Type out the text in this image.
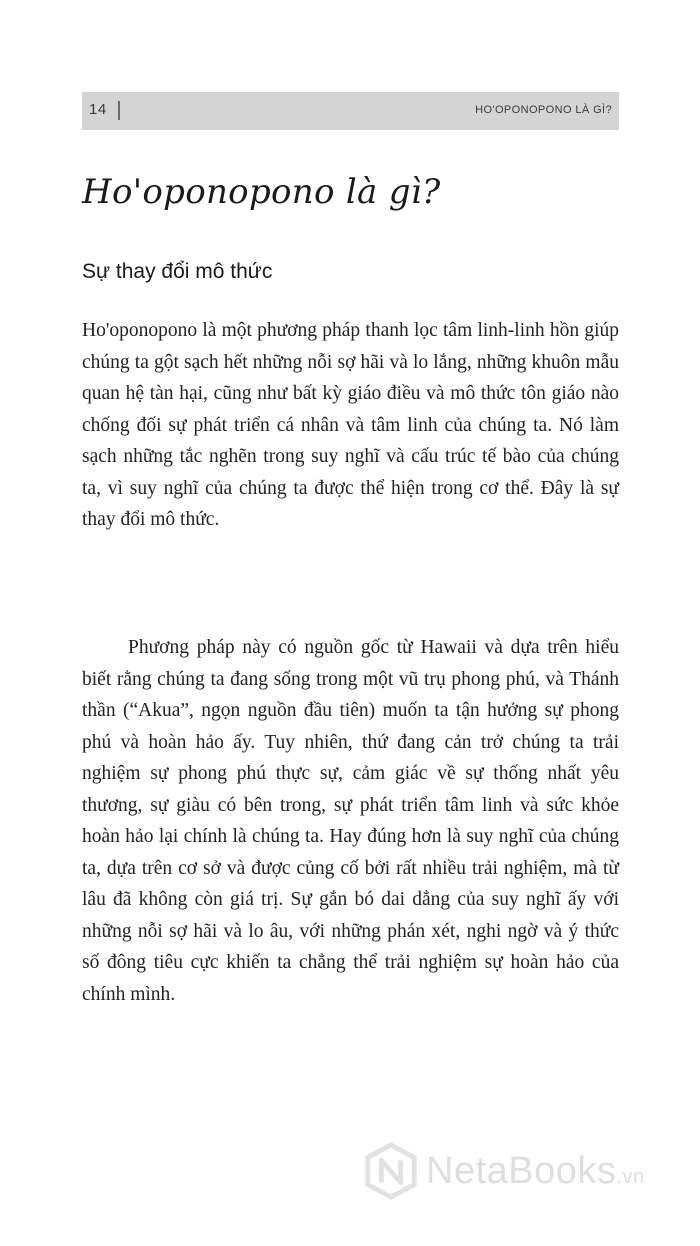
14	HO'OPONOPONO LÀ GÌ?
Ho'oponopono là gì?
Sự thay đổi mô thức

Ho'oponopono là một phương pháp thanh lọc tâm linh-linh hồn giúp chúng ta gột sạch hết những nỗi sợ hãi và lo lắng, những khuôn mẫu quan hệ tàn hại, cũng như bất kỳ giáo điều và mô thức tôn giáo nào chống đối sự phát triển cá nhân và tâm linh của chúng ta. Nó làm sạch những tắc nghẽn trong suy nghĩ và cấu trúc tế bào của chúng ta, vì suy nghĩ của chúng ta được thể hiện trong cơ thể. Đây là sự thay đổi mô thức.

Phương pháp này có nguồn gốc từ Hawaii và dựa trên hiểu biết rằng chúng ta đang sống trong một vũ trụ phong phú, và Thánh thần (“Akua”, ngọn nguồn đầu tiên) muốn ta tận hưởng sự phong phú và hoàn hảo ấy. Tuy nhiên, thứ đang cản trở chúng ta trải nghiệm sự phong phú thực sự, cảm giác về sự thống nhất yêu thương, sự giàu có bên trong, sự phát triển tâm linh và sức khỏe hoàn hảo lại chính là chúng ta. Hay đúng hơn là suy nghĩ của chúng ta, dựa trên cơ sở và được củng cố bởi rất nhiều trải nghiệm, mà từ lâu đã không còn giá trị. Sự gắn bó dai dẳng của suy nghĩ ấy với những nỗi sợ hãi và lo âu, với những phán xét, nghi ngờ và ý thức số đông tiêu cực khiến ta chẳng thể trải nghiệm sự hoàn hảo của chính mình.

NetaBooks.vn
